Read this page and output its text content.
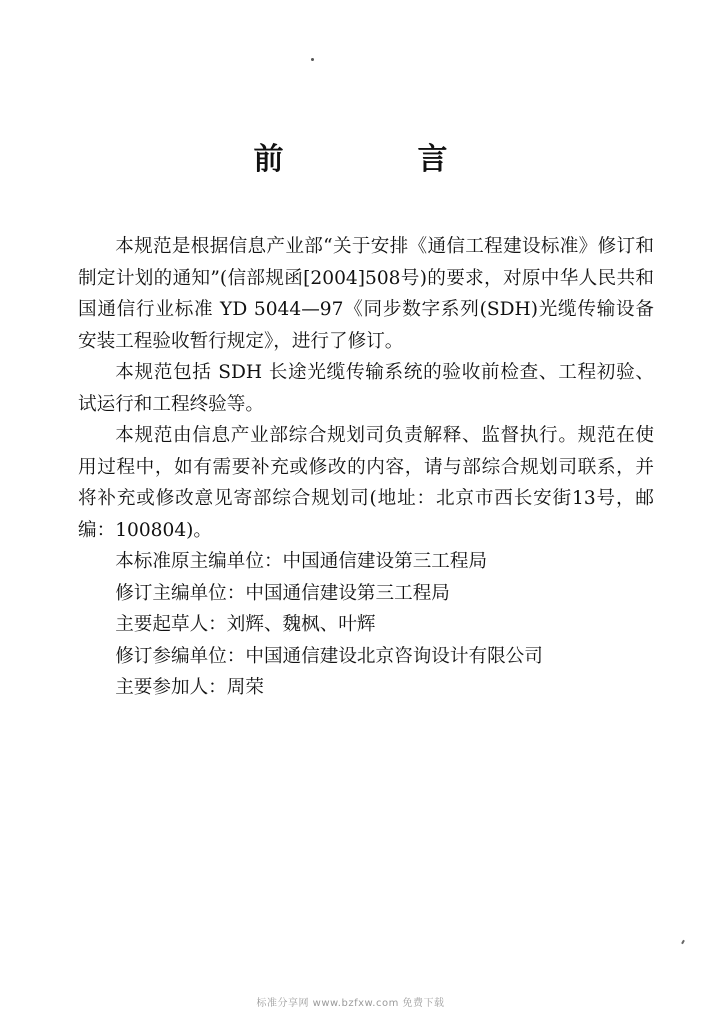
前　言

本规范是根据信息产业部“关于安排《通信工程建设标准》修订和制定计划的通知”(信部规函[2004]508号)的要求，对原中华人民共和国通信行业标准 YD 5044—97《同步数字系列(SDH)光缆传输设备安装工程验收暂行规定》，进行了修订。

本规范包括 SDH 长途光缆传输系统的验收前检查、工程初验、试运行和工程终验等。

本规范由信息产业部综合规划司负责解释、监督执行。规范在使用过程中，如有需要补充或修改的内容，请与部综合规划司联系，并将补充或修改意见寄部综合规划司(地址：北京市西长安街13号，邮编：100804)。

本标准原主编单位：中国通信建设第三工程局

修订主编单位：中国通信建设第三工程局

主要起草人：刘辉、魏枫、叶辉

修订参编单位：中国通信建设北京咨询设计有限公司

主要参加人：周荣

标准分享网 www.bzfxw.com 免费下载
